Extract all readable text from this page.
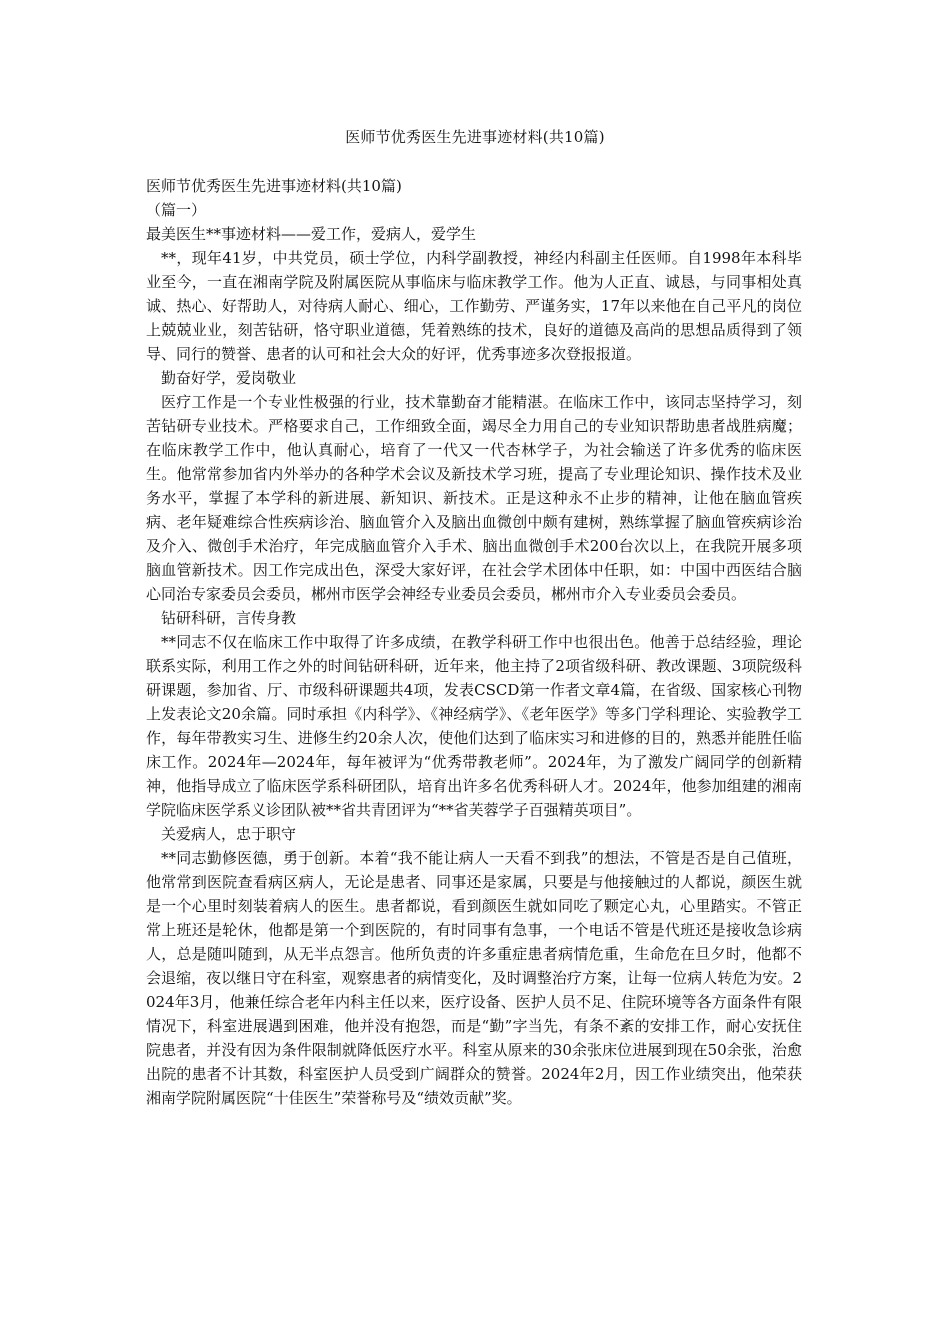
医师节优秀医生先进事迹材料(共10篇)

医师节优秀医生先进事迹材料(共10篇)

（篇一）

最美医生**事迹材料——爱工作，爱病人，爱学生

**，现年41岁，中共党员，硕士学位，内科学副教授，神经内科副主任医师。自1998年本科毕业至今，一直在湘南学院及附属医院从事临床与临床教学工作。他为人正直、诚恳，与同事相处真诚、热心、好帮助人，对待病人耐心、细心，工作勤劳、严谨务实，17年以来他在自己平凡的岗位上兢兢业业，刻苦钻研，恪守职业道德，凭着熟练的技术，良好的道德及高尚的思想品质得到了领导、同行的赞誉、患者的认可和社会大众的好评，优秀事迹多次登报报道。

勤奋好学，爱岗敬业

医疗工作是一个专业性极强的行业，技术靠勤奋才能精湛。在临床工作中，该同志坚持学习，刻苦钻研专业技术。严格要求自己，工作细致全面，竭尽全力用自己的专业知识帮助患者战胜病魔；在临床教学工作中，他认真耐心，培育了一代又一代杏林学子，为社会输送了许多优秀的临床医生。他常常参加省内外举办的各种学术会议及新技术学习班，提高了专业理论知识、操作技术及业务水平，掌握了本学科的新进展、新知识、新技术。正是这种永不止步的精神，让他在脑血管疾病、老年疑难综合性疾病诊治、脑血管介入及脑出血微创中颇有建树，熟练掌握了脑血管疾病诊治及介入、微创手术治疗，年完成脑血管介入手术、脑出血微创手术200台次以上，在我院开展多项脑血管新技术。因工作完成出色，深受大家好评，在社会学术团体中任职，如：中国中西医结合脑心同治专家委员会委员，郴州市医学会神经专业委员会委员，郴州市介入专业委员会委员。

钻研科研，言传身教

**同志不仅在临床工作中取得了许多成绩，在教学科研工作中也很出色。他善于总结经验，理论联系实际，利用工作之外的时间钻研科研，近年来，他主持了2项省级科研、教改课题、3项院级科研课题，参加省、厅、市级科研课题共4项，发表CSCD第一作者文章4篇，在省级、国家核心刊物上发表论文20余篇。同时承担《内科学》、《神经病学》、《老年医学》等多门学科理论、实验教学工作，每年带教实习生、进修生约20余人次，使他们达到了临床实习和进修的目的，熟悉并能胜任临床工作。2024年—2024年，每年被评为“优秀带教老师”。2024年，为了激发广阔同学的创新精神，他指导成立了临床医学系科研团队，培育出许多名优秀科研人才。2024年，他参加组建的湘南学院临床医学系义诊团队被**省共青团评为“**省芙蓉学子百强精英项目”。

关爱病人，忠于职守

**同志勤修医德，勇于创新。本着“我不能让病人一天看不到我”的想法，不管是否是自己值班，他常常到医院查看病区病人，无论是患者、同事还是家属，只要是与他接触过的人都说，颜医生就是一个心里时刻装着病人的医生。患者都说，看到颜医生就如同吃了颗定心丸，心里踏实。不管正常上班还是轮休，他都是第一个到医院的，有时同事有急事，一个电话不管是代班还是接收急诊病人，总是随叫随到，从无半点怨言。他所负责的许多重症患者病情危重，生命危在旦夕时，他都不会退缩，夜以继日守在科室，观察患者的病情变化，及时调整治疗方案，让每一位病人转危为安。2024年3月，他兼任综合老年内科主任以来，医疗设备、医护人员不足、住院环境等各方面条件有限情况下，科室进展遇到困难，他并没有抱怨，而是“勤”字当先，有条不紊的安排工作，耐心安抚住院患者，并没有因为条件限制就降低医疗水平。科室从原来的30余张床位进展到现在50余张，治愈出院的患者不计其数，科室医护人员受到广阔群众的赞誉。2024年2月，因工作业绩突出，他荣获湘南学院附属医院“十佳医生”荣誉称号及“绩效贡献”奖。
